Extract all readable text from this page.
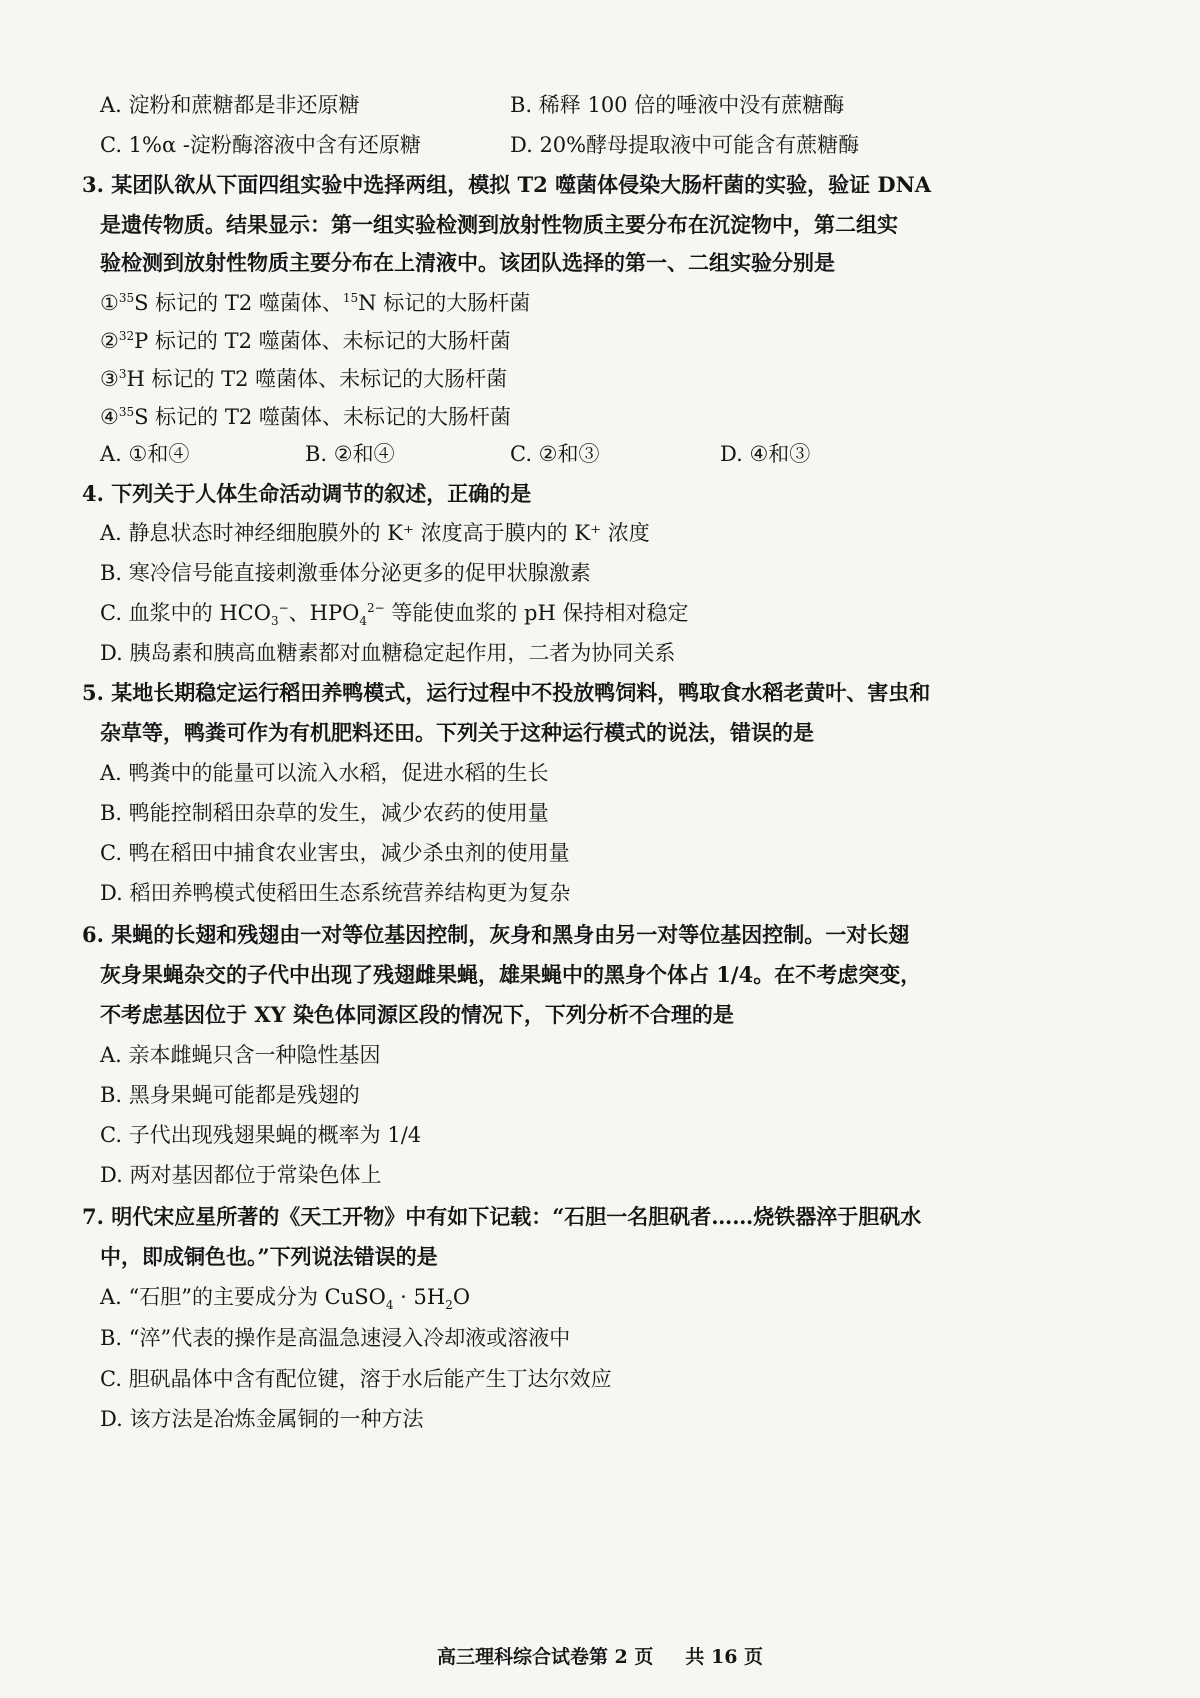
A. 淀粉和蔗糖都是非还原糖	B. 稀释 100 倍的唾液中没有蔗糖酶
C. 1%α -淀粉酶溶液中含有还原糖	D. 20%酵母提取液中可能含有蔗糖酶
3. 某团队欲从下面四组实验中选择两组，模拟 T2 噬菌体侵染大肠杆菌的实验，验证 DNA
是遗传物质。结果显示：第一组实验检测到放射性物质主要分布在沉淀物中，第二组实
验检测到放射性物质主要分布在上清液中。该团队选择的第一、二组实验分别是
①$^{35}$S 标记的 T2 噬菌体、$^{15}$N 标记的大肠杆菌
②$^{32}$P 标记的 T2 噬菌体、未标记的大肠杆菌
③$^3$H 标记的 T2 噬菌体、未标记的大肠杆菌
④$^{35}$S 标记的 T2 噬菌体、未标记的大肠杆菌
A. ①和④	B. ②和④	C. ②和③	D. ④和③
4. 下列关于人体生命活动调节的叙述，正确的是
A. 静息状态时神经细胞膜外的 K⁺ 浓度高于膜内的 K⁺ 浓度
B. 寒冷信号能直接刺激垂体分泌更多的促甲状腺激素
C. 血浆中的 $HCO_3^-$、$HPO_4^{2-}$ 等能使血浆的 pH 保持相对稳定
D. 胰岛素和胰高血糖素都对血糖稳定起作用，二者为协同关系
5. 某地长期稳定运行稻田养鸭模式，运行过程中不投放鸭饲料，鸭取食水稻老黄叶、害虫和
杂草等，鸭粪可作为有机肥料还田。下列关于这种运行模式的说法，错误的是
A. 鸭粪中的能量可以流入水稻，促进水稻的生长
B. 鸭能控制稻田杂草的发生，减少农药的使用量
C. 鸭在稻田中捕食农业害虫，减少杀虫剂的使用量
D. 稻田养鸭模式使稻田生态系统营养结构更为复杂
6. 果蝇的长翅和残翅由一对等位基因控制，灰身和黑身由另一对等位基因控制。一对长翅
灰身果蝇杂交的子代中出现了残翅雌果蝇，雄果蝇中的黑身个体占 1/4。在不考虑突变，
不考虑基因位于 XY 染色体同源区段的情况下，下列分析不合理的是
A. 亲本雌蝇只含一种隐性基因
B. 黑身果蝇可能都是残翅的
C. 子代出现残翅果蝇的概率为 1/4
D. 两对基因都位于常染色体上
7. 明代宋应星所著的《天工开物》中有如下记载：“石胆一名胆矾者……烧铁器淬于胆矾水
中，即成铜色也。”下列说法错误的是
A. “石胆”的主要成分为 CuSO$_4$ · $5H_2O$
B. “淬”代表的操作是高温急速浸入冷却液或溶液中
C. 胆矾晶体中含有配位键，溶于水后能产生丁达尔效应
D. 该方法是冶炼金属铜的一种方法
高三理科综合试卷第 2 页 共 16 页
